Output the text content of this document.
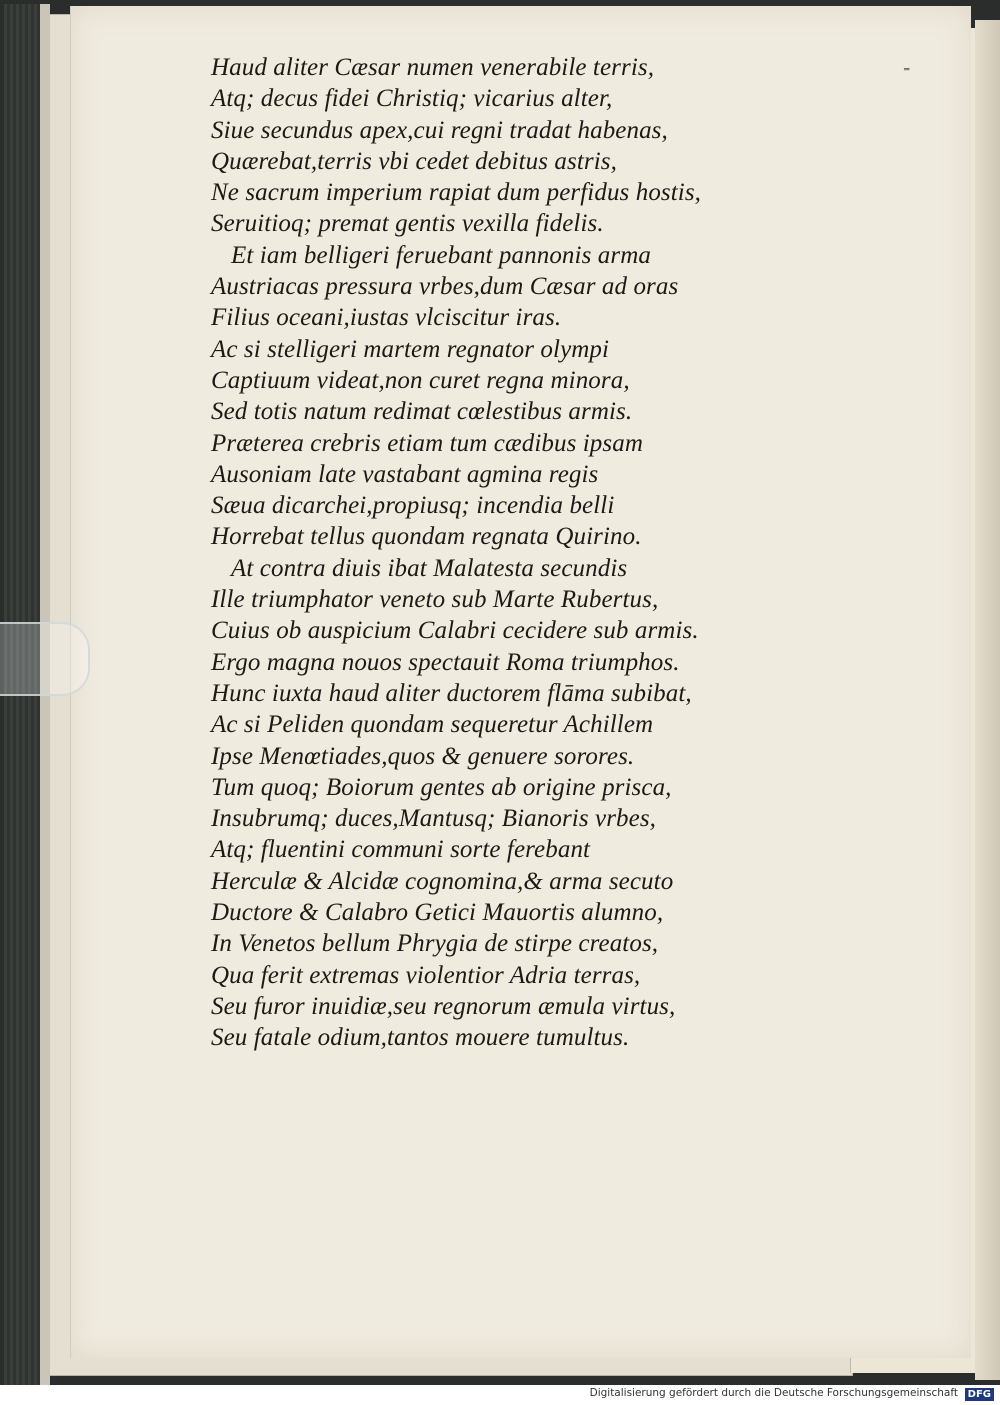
Haud aliter Cæsar numen venerabile terris,
Atq; decus fidei Christiq; vicarius alter,
Siue secundus apex,cui regni tradat habenas,
Quærebat,terris vbi cedet debitus astris,
Ne sacrum imperium rapiat dum perfidus hostis,
Seruitioq; premat gentis vexilla fidelis.
Et iam belligeri feruebant pannonis arma
Austriacas pressura vrbes,dum Cæsar ad oras
Filius oceani,iustas vlciscitur iras.
Ac si stelligeri martem regnator olympi
Captiuum videat,non curet regna minora,
Sed totis natum redimat cœlestibus armis.
Præterea crebris etiam tum cædibus ipsam
Ausoniam late vastabant agmina regis
Sæua dicarchei,propiusq; incendia belli
Horrebat tellus quondam regnata Quirino.
At contra diuis ibat Malatesta secundis
Ille triumphator veneto sub Marte Rubertus,
Cuius ob auspicium Calabri cecidere sub armis.
Ergo magna nouos spectauit Roma triumphos.
Hunc iuxta haud aliter ductorem flāma subibat,
Ac si Peliden quondam sequeretur Achillem
Ipse Menœtiades,quos & genuere sorores.
Tum quoq; Boiorum gentes ab origine prisca,
Insubrumq; duces,Mantusq; Bianoris vrbes,
Atq; fluentini communi sorte ferebant
Herculæ & Alcidæ cognomina,& arma secuto
Ductore & Calabro Getici Mauortis alumno,
In Venetos bellum Phrygia de stirpe creatos,
Qua ferit extremas violentior Adria terras,
Seu furor inuidiæ,seu regnorum æmula virtus,
Seu fatale odium,tantos mouere tumultus.
⁼
Digitalisierung gefördert durch die Deutsche Forschungsgemeinschaft DFG
